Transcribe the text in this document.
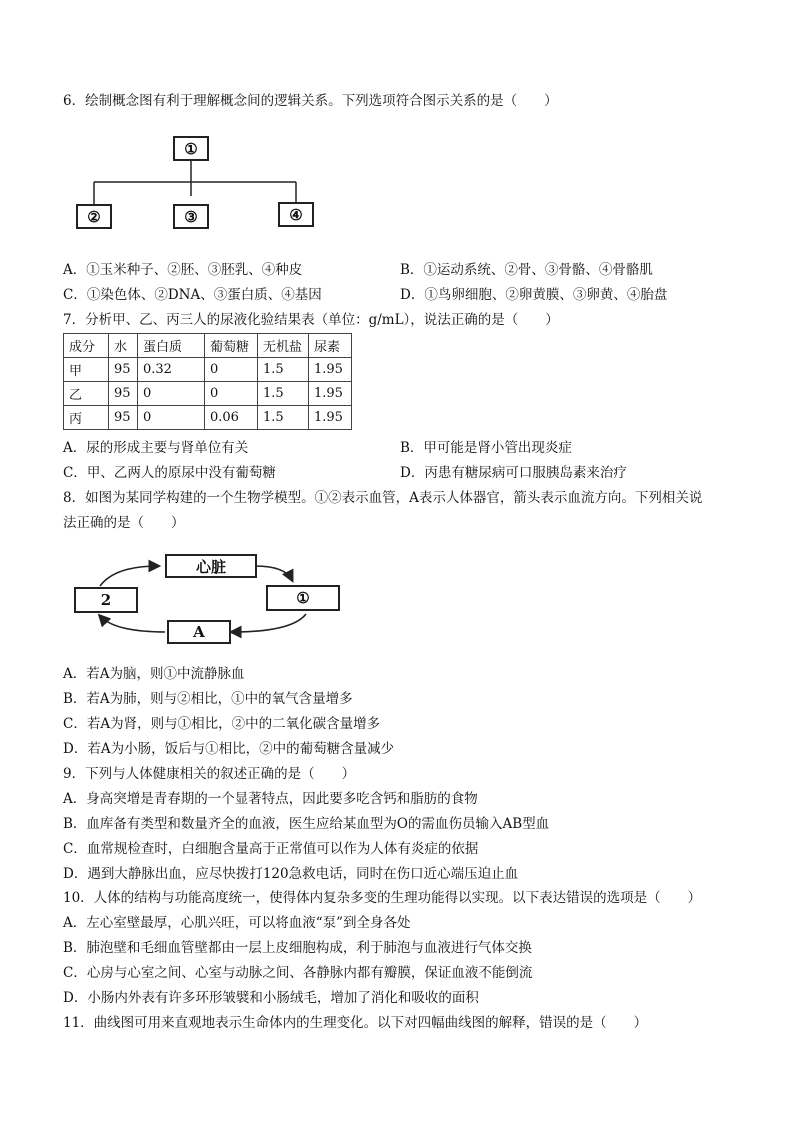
6．绘制概念图有利于理解概念间的逻辑关系。下列选项符合图示关系的是（　　）
①
②	③	④
A．①玉米种子、②胚、③胚乳、④种皮	B．①运动系统、②骨、③骨骼、④骨骼肌
C．①染色体、②DNA、③蛋白质、④基因	D．①鸟卵细胞、②卵黄膜、③卵黄、④胎盘
7．分析甲、乙、丙三人的尿液化验结果表（单位：g/mL），说法正确的是（　　）
成分	水	蛋白质	葡萄糖	无机盐	尿素
甲	95	0.32	0	1.5	1.95
乙	95	0	0	1.5	1.95
丙	95	0	0.06	1.5	1.95
A．尿的形成主要与肾单位有关	B．甲可能是肾小管出现炎症
C．甲、乙两人的原尿中没有葡萄糖	D．丙患有糖尿病可口服胰岛素来治疗
8．如图为某同学构建的一个生物学模型。①②表示血管，A表示人体器官，箭头表示血流方向。下列相关说
法正确的是（　　）
心脏
2	①
A
A．若A为脑，则①中流静脉血
B．若A为肺，则与②相比，①中的氧气含量增多
C．若A为肾，则与①相比，②中的二氧化碳含量增多
D．若A为小肠，饭后与①相比，②中的葡萄糖含量减少
9．下列与人体健康相关的叙述正确的是（　　）
A．身高突增是青春期的一个显著特点，因此要多吃含钙和脂肪的食物
B．血库备有类型和数量齐全的血液，医生应给某血型为O的需血伤员输入AB型血
C．血常规检查时，白细胞含量高于正常值可以作为人体有炎症的依据
D．遇到大静脉出血，应尽快拨打120急救电话，同时在伤口近心端压迫止血
10．人体的结构与功能高度统一，使得体内复杂多变的生理功能得以实现。以下表达错误的选项是（　　）
A．左心室壁最厚，心肌兴旺，可以将血液“泵”到全身各处
B．肺泡壁和毛细血管壁都由一层上皮细胞构成，利于肺泡与血液进行气体交换
C．心房与心室之间、心室与动脉之间、各静脉内都有瓣膜，保证血液不能倒流
D．小肠内外表有许多环形皱襞和小肠绒毛，增加了消化和吸收的面积
11．曲线图可用来直观地表示生命体内的生理变化。以下对四幅曲线图的解释，错误的是（　　）
